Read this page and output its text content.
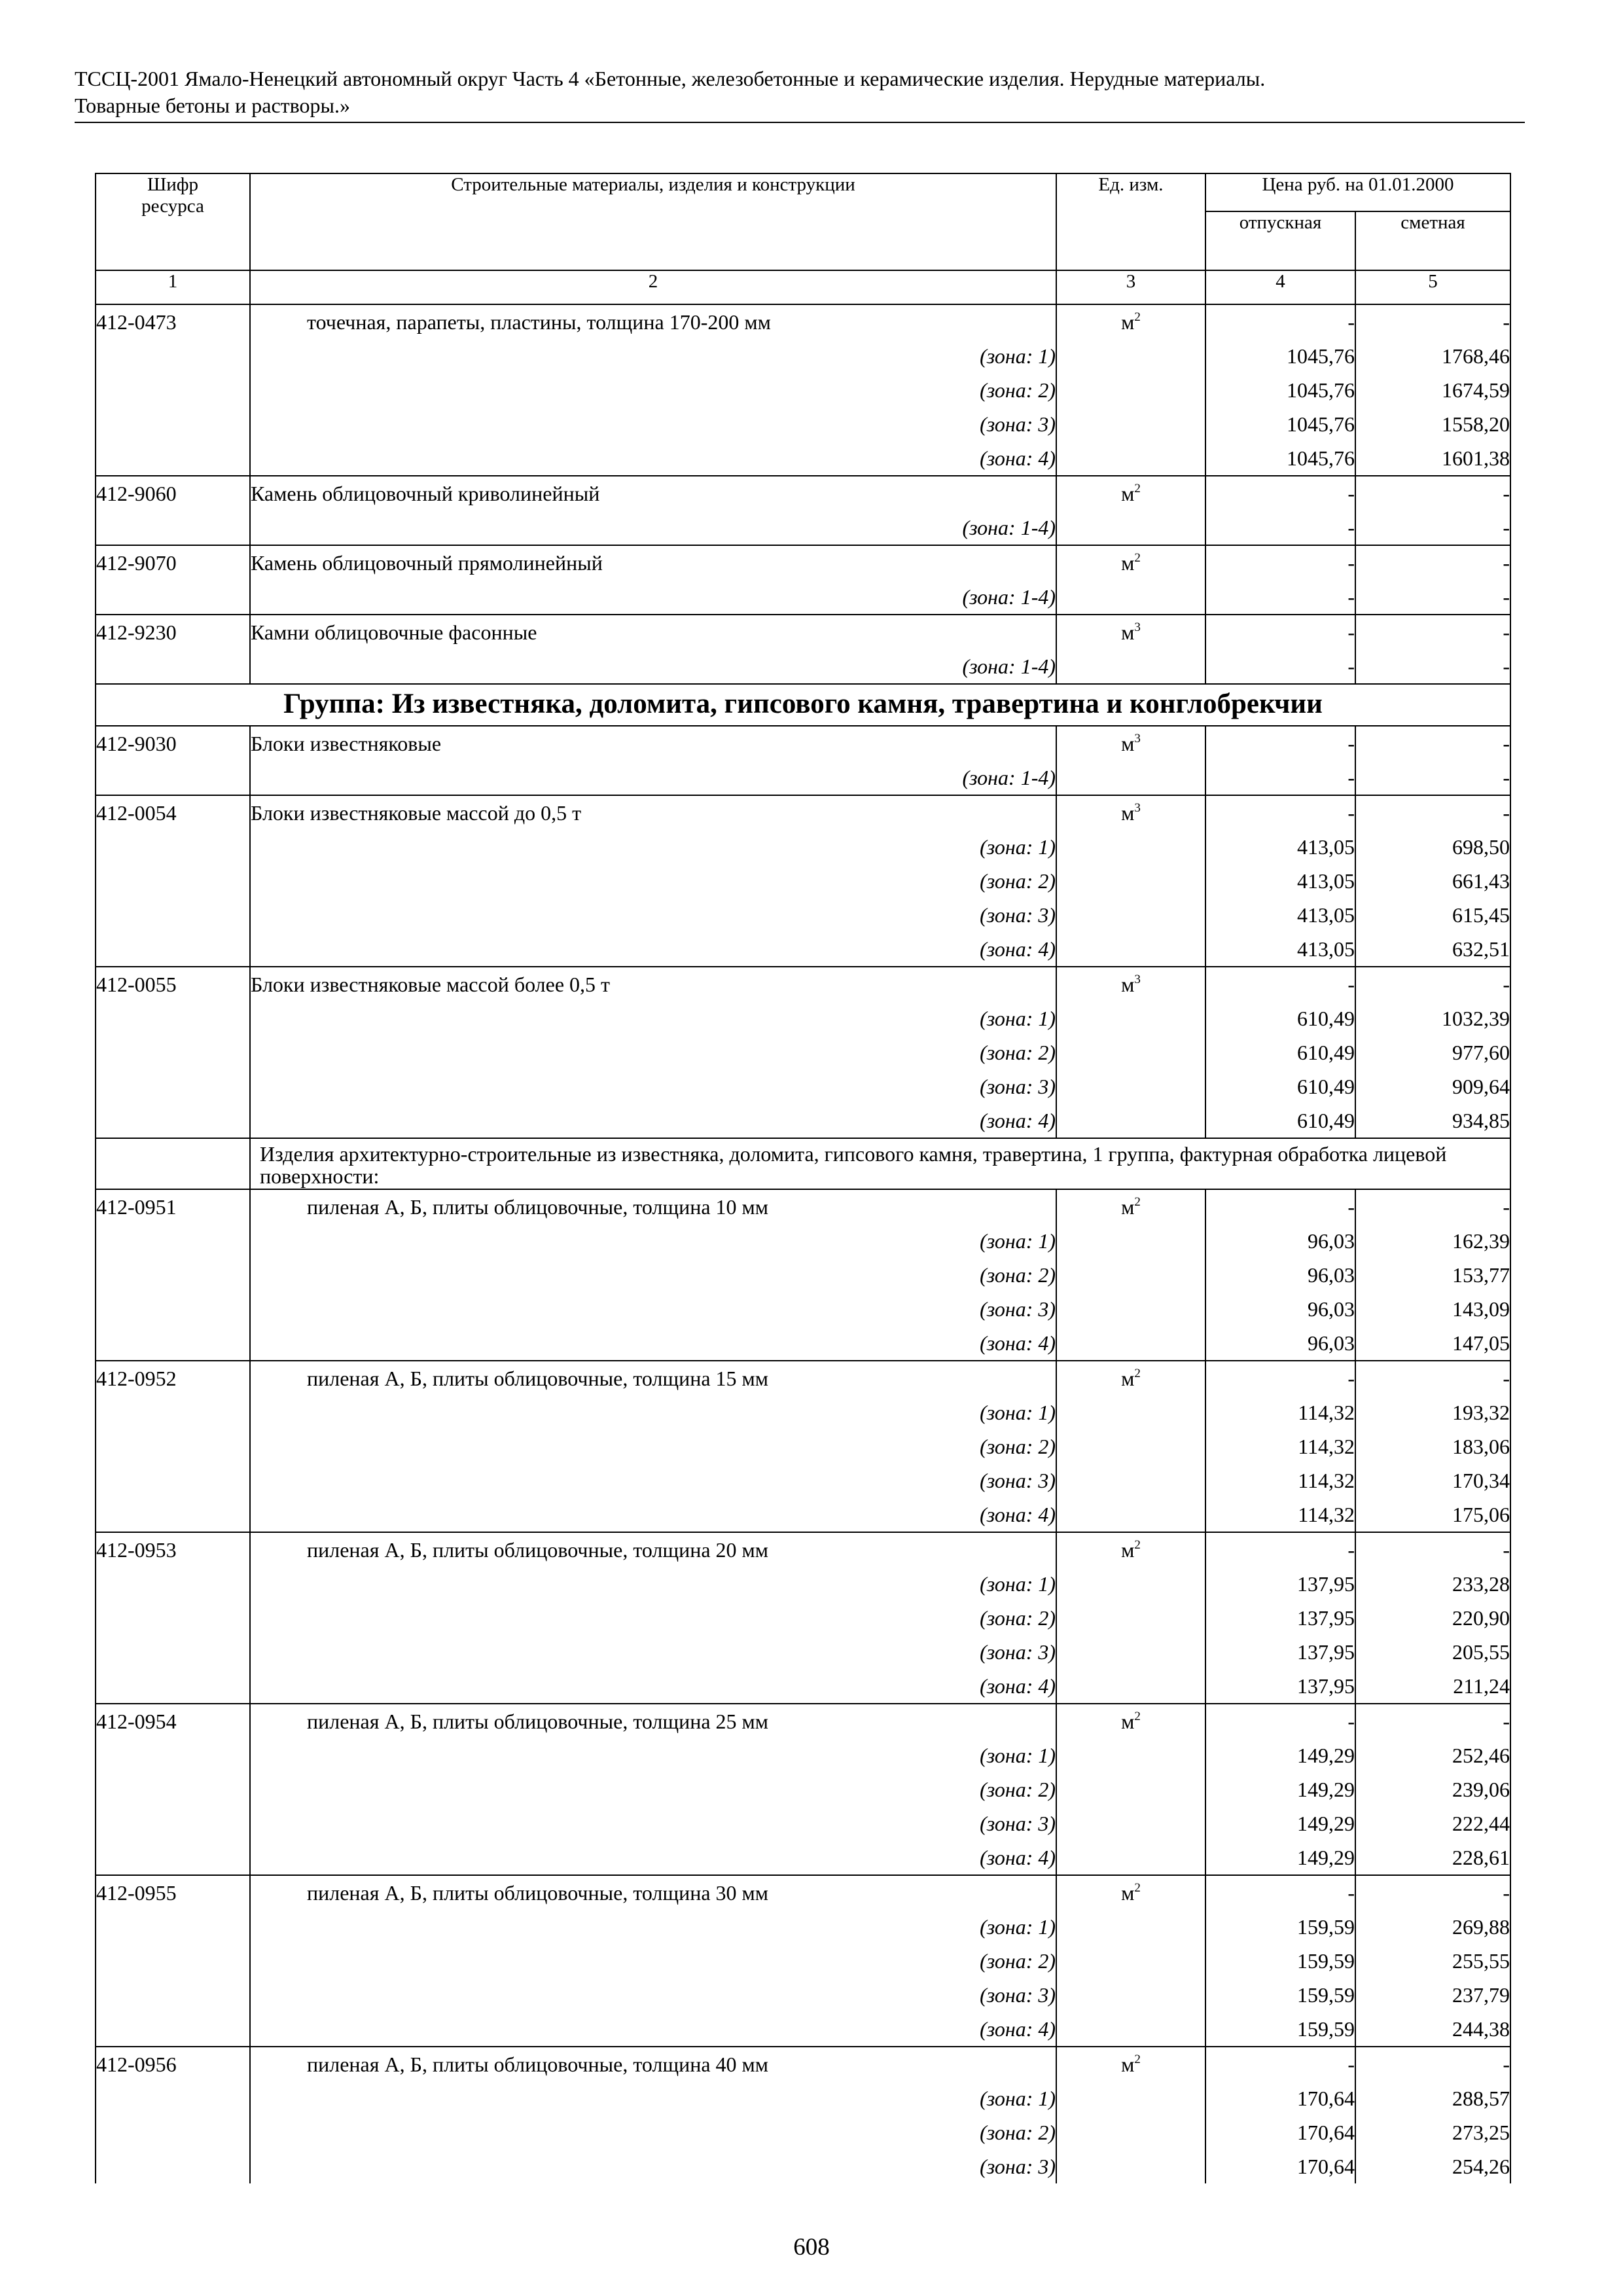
ТССЦ-2001 Ямало-Ненецкий автономный округ Часть 4 «Бетонные, железобетонные и керамические изделия. Нерудные материалы.
Товарные бетоны и растворы.»
Шифр ресурса	Строительные материалы, изделия и конструкции	Ед. изм.	Цена руб. на 01.01.2000	
			отпускная	сметная
1	2	3	4	5
412-0473	точечная, парапеты, пластины, толщина 170-200 мм	$м^2$	-	-
	(зона: 1)		1045,76	1768,46
	(зона: 2)		1045,76	1674,59
	(зона: 3)		1045,76	1558,20
	(зона: 4)		1045,76	1601,38
412-9060	Камень облицовочный криволинейный	$м^2$	-	-
	(зона: 1-4)		-	-
412-9070	Камень облицовочный прямолинейный	$м^2$	-	-
	(зона: 1-4)		-	-
412-9230	Камни облицовочные фасонные	$м^3$	-	-
	(зона: 1-4)		-	-
Группа: Из известняка, доломита, гипсового камня, травертина и конглобрекчии				
412-9030	Блоки известняковые	$м^3$	-	-
	(зона: 1-4)		-	-
412-0054	Блоки известняковые массой до 0,5 т	$м^3$	-	-
	(зона: 1)		413,05	698,50
	(зона: 2)		413,05	661,43
	(зона: 3)		413,05	615,45
	(зона: 4)		413,05	632,51
412-0055	Блоки известняковые массой более 0,5 т	$м^3$	-	-
	(зона: 1)		610,49	1032,39
	(зона: 2)		610,49	977,60
	(зона: 3)		610,49	909,64
	(зона: 4)		610,49	934,85
	Изделия архитектурно-строительные из известняка, доломита, гипсового камня, травертина, 1 группа, фактурная обработка лицевой поверхности:			
412-0951	пиленая А, Б, плиты облицовочные, толщина 10 мм	$м^2$	-	-
	(зона: 1)		96,03	162,39
	(зона: 2)		96,03	153,77
	(зона: 3)		96,03	143,09
	(зона: 4)		96,03	147,05
412-0952	пиленая А, Б, плиты облицовочные, толщина 15 мм	$м^2$	-	-
	(зона: 1)		114,32	193,32
	(зона: 2)		114,32	183,06
	(зона: 3)		114,32	170,34
	(зона: 4)		114,32	175,06
412-0953	пиленая А, Б, плиты облицовочные, толщина 20 мм	$м^2$	-	-
	(зона: 1)		137,95	233,28
	(зона: 2)		137,95	220,90
	(зона: 3)		137,95	205,55
	(зона: 4)		137,95	211,24
412-0954	пиленая А, Б, плиты облицовочные, толщина 25 мм	$м^2$	-	-
	(зона: 1)		149,29	252,46
	(зона: 2)		149,29	239,06
	(зона: 3)		149,29	222,44
	(зона: 4)		149,29	228,61
412-0955	пиленая А, Б, плиты облицовочные, толщина 30 мм	$м^2$	-	-
	(зона: 1)		159,59	269,88
	(зона: 2)		159,59	255,55
	(зона: 3)		159,59	237,79
	(зона: 4)		159,59	244,38
412-0956	пиленая А, Б, плиты облицовочные, толщина 40 мм	$м^2$	-	-
	(зона: 1)		170,64	288,57
	(зона: 2)		170,64	273,25
	(зона: 3)		170,64	254,26
608
